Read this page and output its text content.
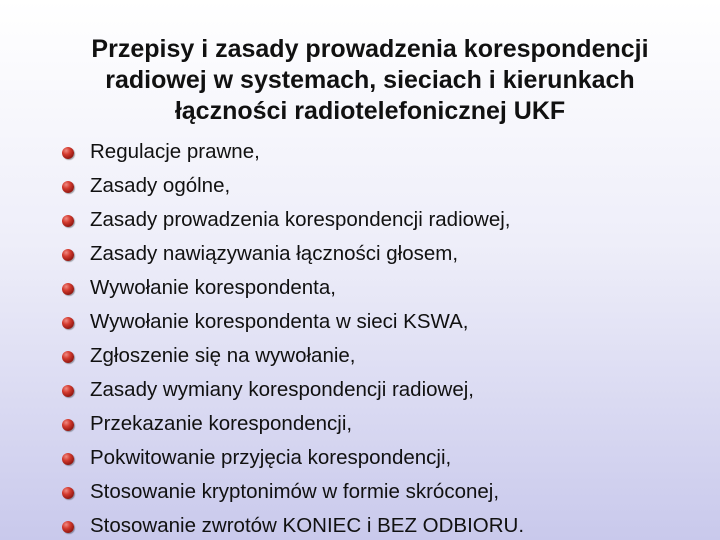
Przepisy i zasady prowadzenia korespondencji
radiowej w systemach, sieciach i kierunkach
łączności radiotelefonicznej UKF
Regulacje prawne,
Zasady ogólne,
Zasady prowadzenia korespondencji radiowej,
Zasady nawiązywania łączności głosem,
Wywołanie korespondenta,
Wywołanie korespondenta w sieci KSWA,
Zgłoszenie się na wywołanie,
Zasady wymiany korespondencji radiowej,
Przekazanie korespondencji,
Pokwitowanie przyjęcia korespondencji,
Stosowanie kryptonimów w formie skróconej,
Stosowanie zwrotów KONIEC i BEZ ODBIORU.
